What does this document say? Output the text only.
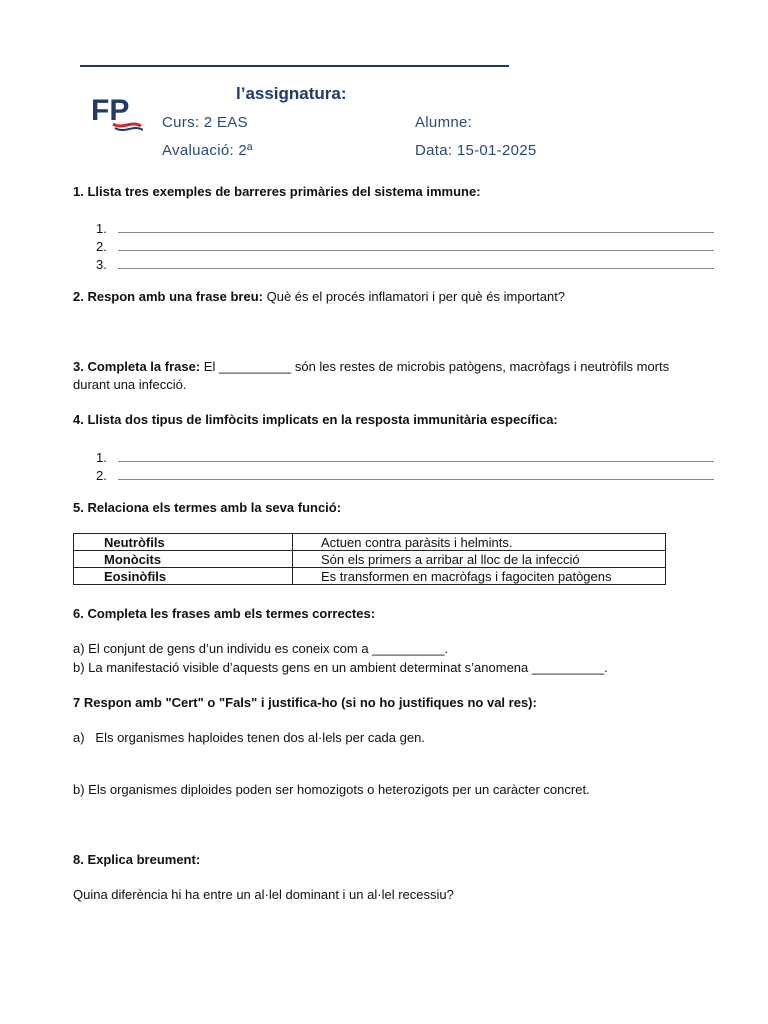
FP
l’assignatura:
Curs: 2 EAS	Alumne:
Avaluació: 2ª	Data: 15-01-2025
1. Llista tres exemples de barreres primàries del sistema immune:
1.
2.
3.
2. Respon amb una frase breu: Què és el procés inflamatori i per què és important?
3. Completa la frase: El __________ són les restes de microbis patògens, macròfags i neutròfils morts
durant una infecció.
4. Llista dos tipus de limfòcits implicats en la resposta immunitària específica:
1.
2.
5. Relaciona els termes amb la seva funció:
Neutròfils	Actuen contra paràsits i helmints.
Monòcits	Són els primers a arribar al lloc de la infecció
Eosinòfils	Es transformen en macròfags i fagociten patògens
6. Completa les frases amb els termes correctes:
a) El conjunt de gens d’un individu es coneix com a __________.
b) La manifestació visible d’aquests gens en un ambient determinat s’anomena __________.
7 Respon amb "Cert" o "Fals" i justifica-ho (si no ho justifiques no val res):
a)   Els organismes haploides tenen dos al·lels per cada gen.
b) Els organismes diploides poden ser homozigots o heterozigots per un caràcter concret.
8. Explica breument:
Quina diferència hi ha entre un al·lel dominant i un al·lel recessiu?
